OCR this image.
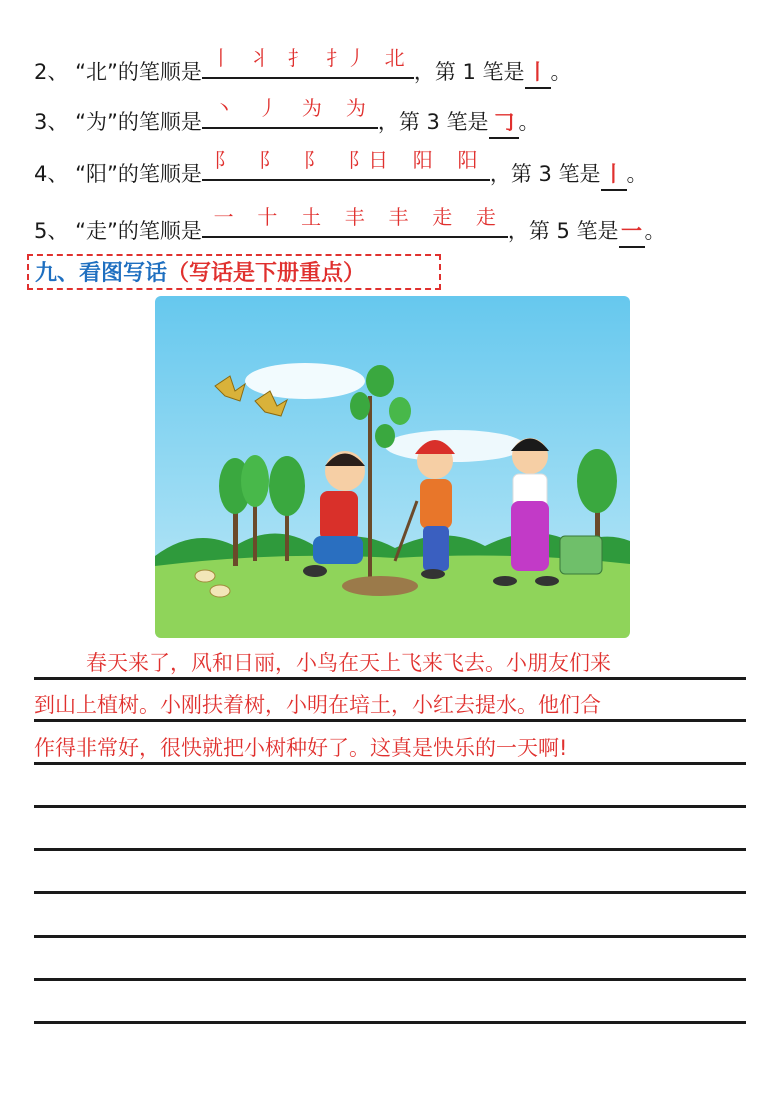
2、 “北”的笔顺是
丨 丬 ⺘ ⺘丿 北
，第 1 笔是 丨 。
3、 “为”的笔顺是
丶 丿 为 为
，第 3 笔是 𠃌 。
4、 “阳”的笔顺是
阝 阝 阝 阝日 阳 阳
，第 3 笔是 丨 。
5、 “走”的笔顺是
一 十 土 丰 丰 走 走
，第 5 笔是 一 。
九、看图写话（写话是下册重点）
春天来了，风和日丽，小鸟在天上飞来飞去。小朋友们来
到山上植树。小刚扶着树，小明在培土，小红去提水。他们合
作得非常好，很快就把小树种好了。这真是快乐的一天啊!
